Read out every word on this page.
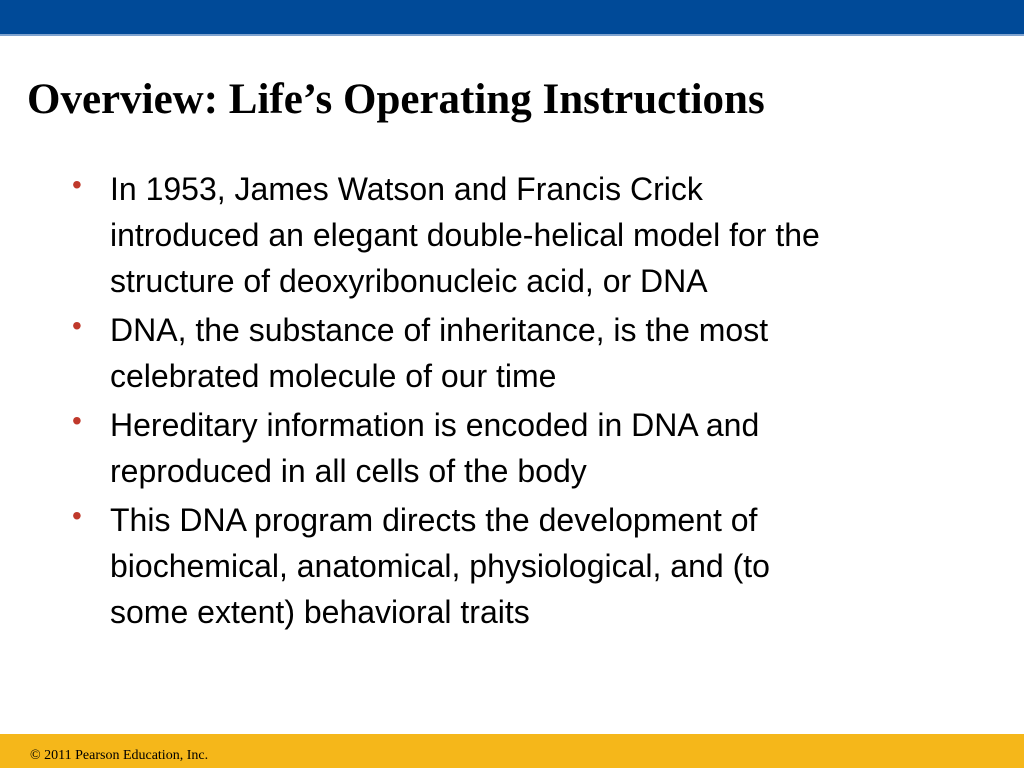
Overview: Life’s Operating Instructions
• In 1953, James Watson and Francis Crick
introduced an elegant double-helical model for the
structure of deoxyribonucleic acid, or DNA
• DNA, the substance of inheritance, is the most
celebrated molecule of our time
• Hereditary information is encoded in DNA and
reproduced in all cells of the body
• This DNA program directs the development of
biochemical, anatomical, physiological, and (to
some extent) behavioral traits
© 2011 Pearson Education, Inc.
